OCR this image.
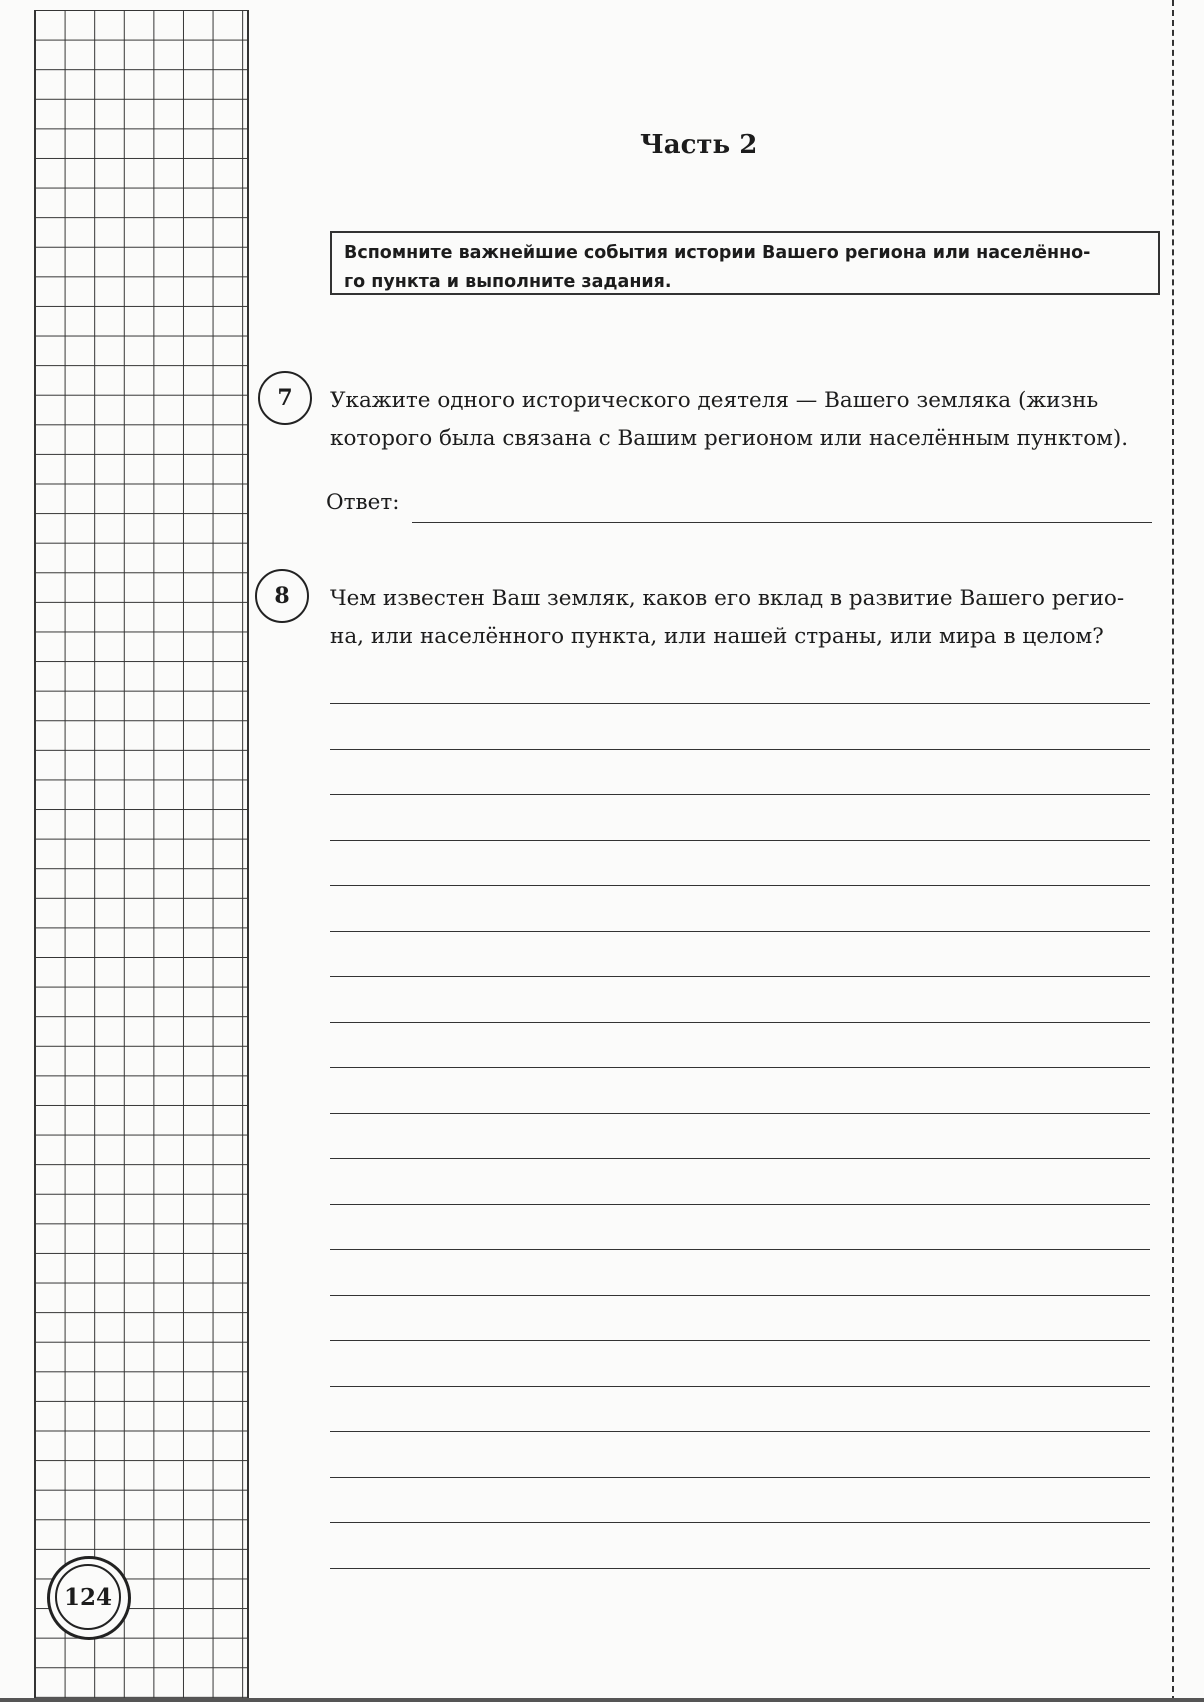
124
Часть 2
Вспомните важнейшие события истории Вашего региона или населённо-
го пункта и выполните задания.
7	Укажите одного исторического деятеля — Вашего земляка (жизнь
которого была связана с Вашим регионом или населённым пунктом).
Ответ:
8	Чем известен Ваш земляк, каков его вклад в развитие Вашего регио-
на, или населённого пункта, или нашей страны, или мира в целом?
